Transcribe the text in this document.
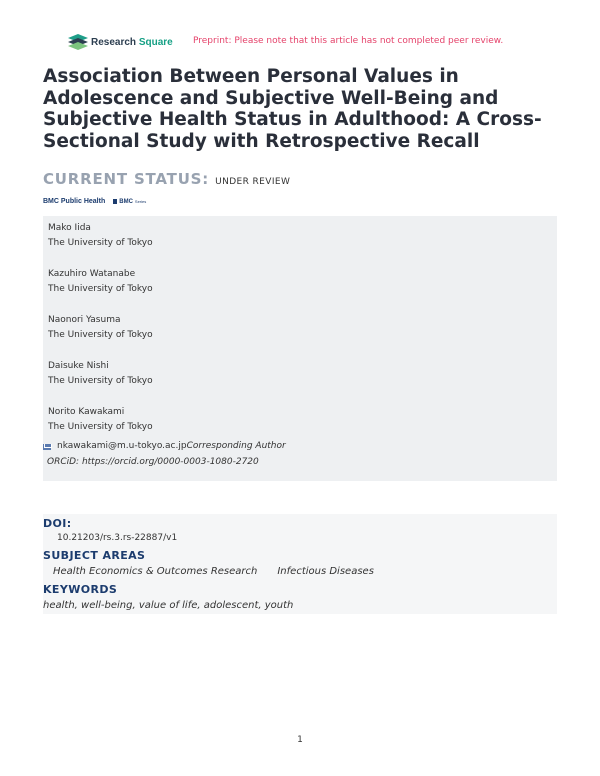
Research Square Preprint: Please note that this article has not completed peer review.
Association Between Personal Values in Adolescence and Subjective Well-Being and Subjective Health Status in Adulthood: A Cross-Sectional Study with Retrospective Recall
CURRENT STATUS: UNDER REVIEW
BMC Public Health BMC Series
Mako Iida
The University of Tokyo
Kazuhiro Watanabe
The University of Tokyo
Naonori Yasuma
The University of Tokyo
Daisuke Nishi
The University of Tokyo
Norito Kawakami
The University of Tokyo
nkawakami@m.u-tokyo.ac.jp Corresponding Author
ORCiD: https://orcid.org/0000-0003-1080-2720
DOI:
10.21203/rs.3.rs-22887/v1
SUBJECT AREAS
Health Economics & Outcomes Research Infectious Diseases
KEYWORDS
health, well-being, value of life, adolescent, youth
1
